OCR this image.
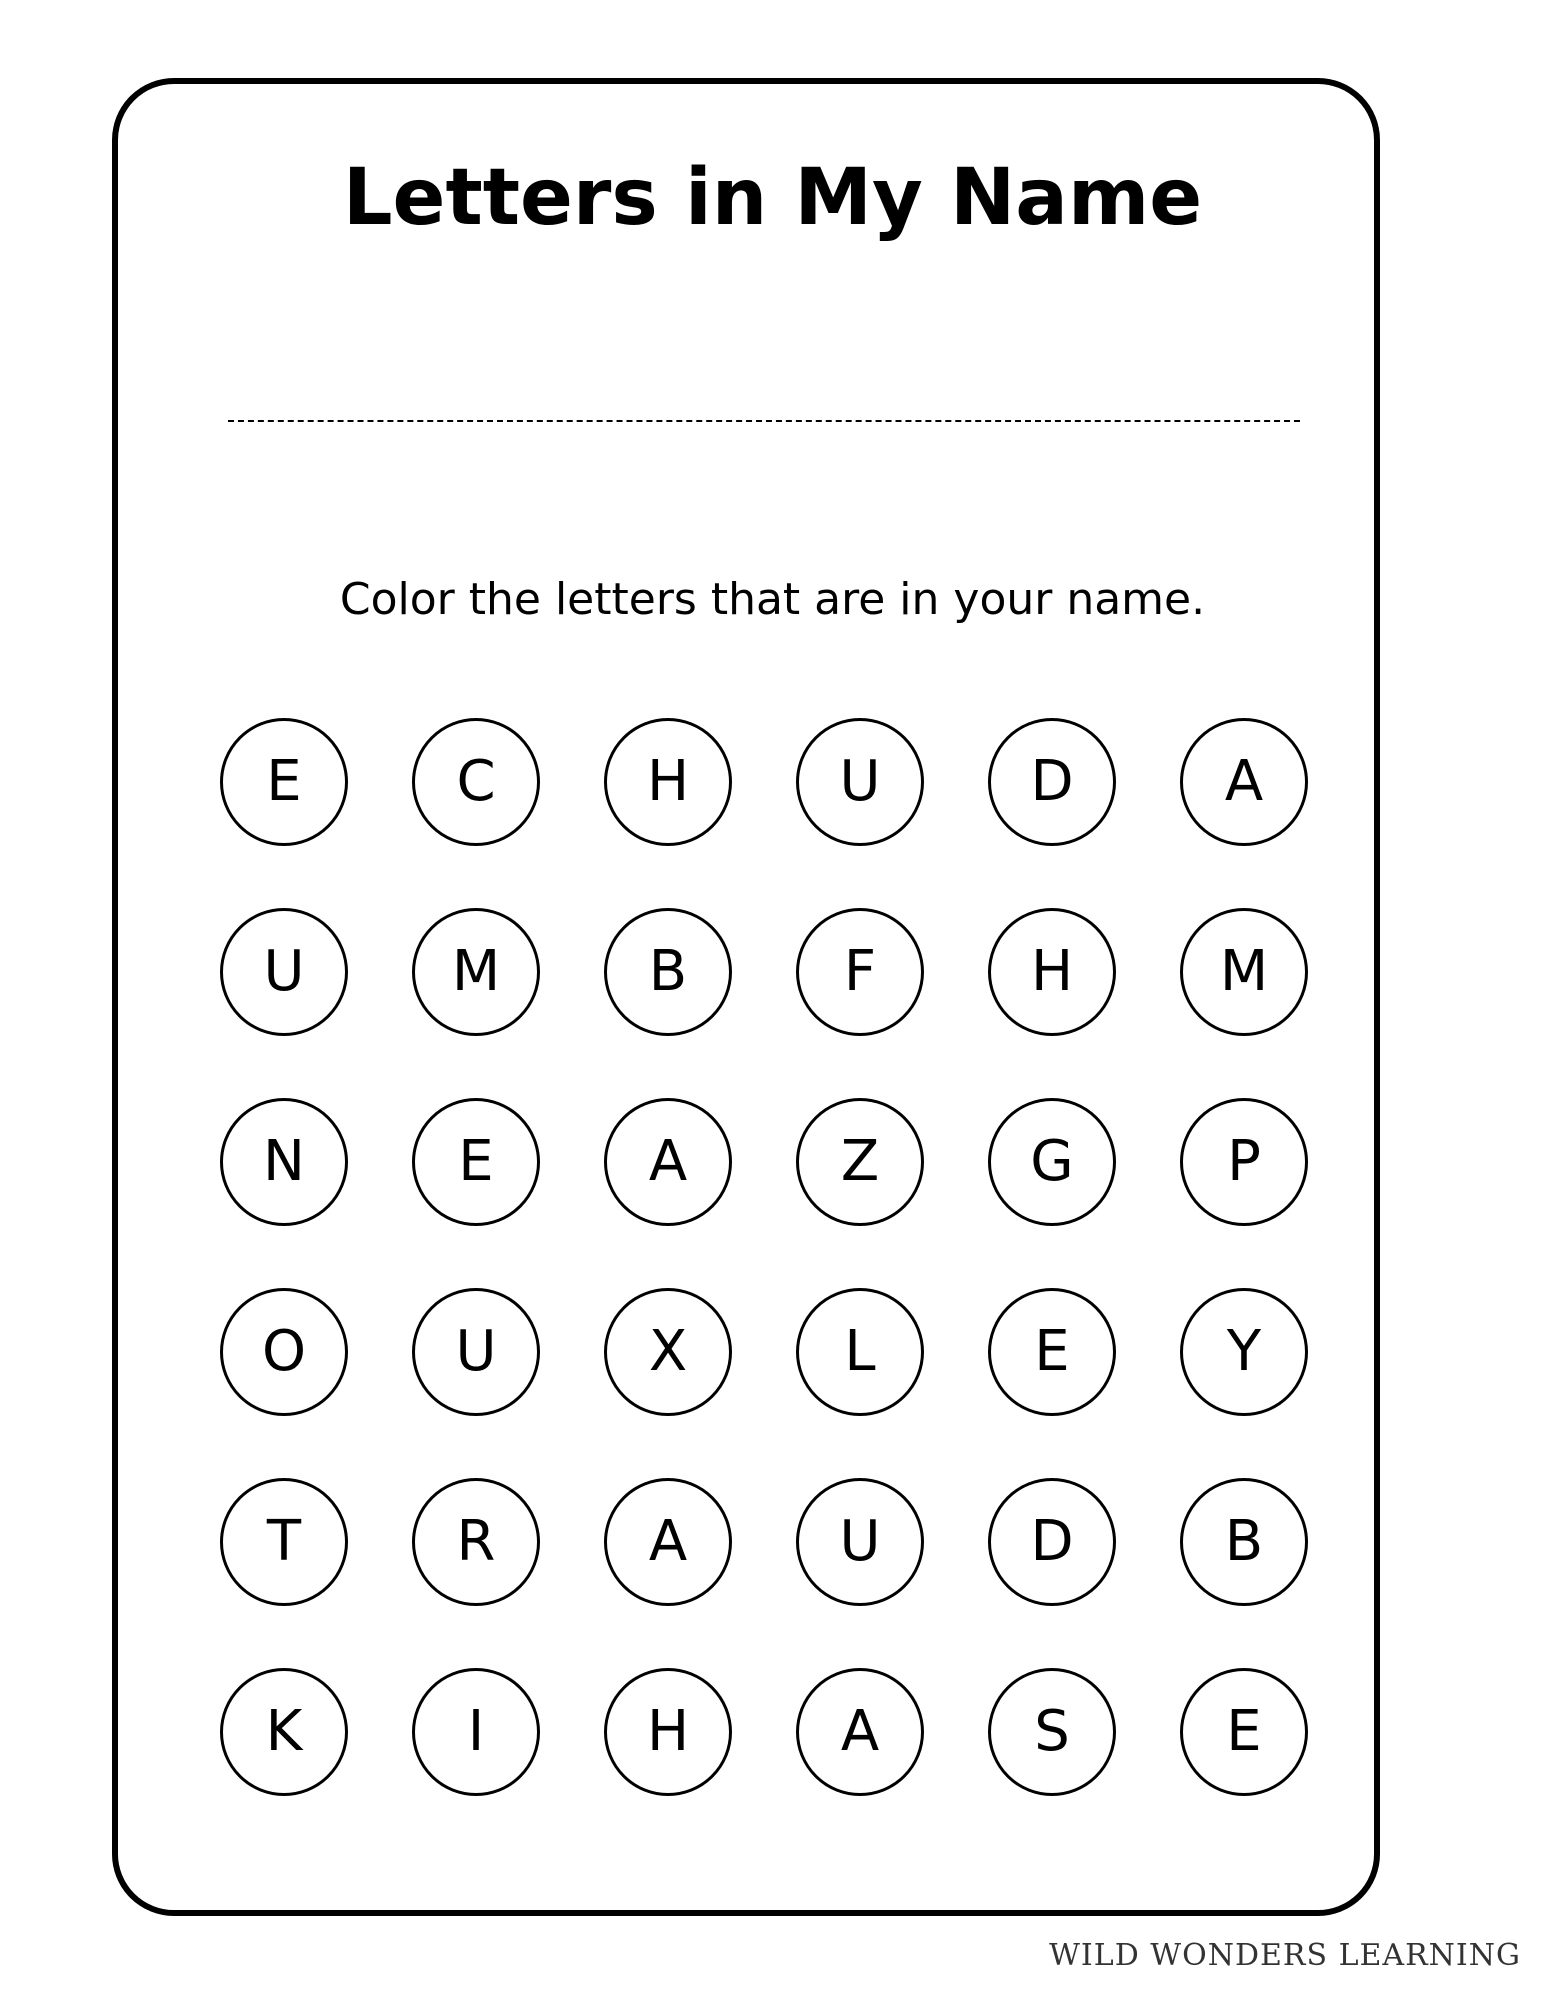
Letters in My Name
Color the letters that are in your name.
E	C	H	U	D	A
U	M	B	F	H	M
N	E	A	Z	G	P
O	U	X	L	E	Y
T	R	A	U	D	B
K	I	H	A	S	E
WILD WONDERS LEARNING
